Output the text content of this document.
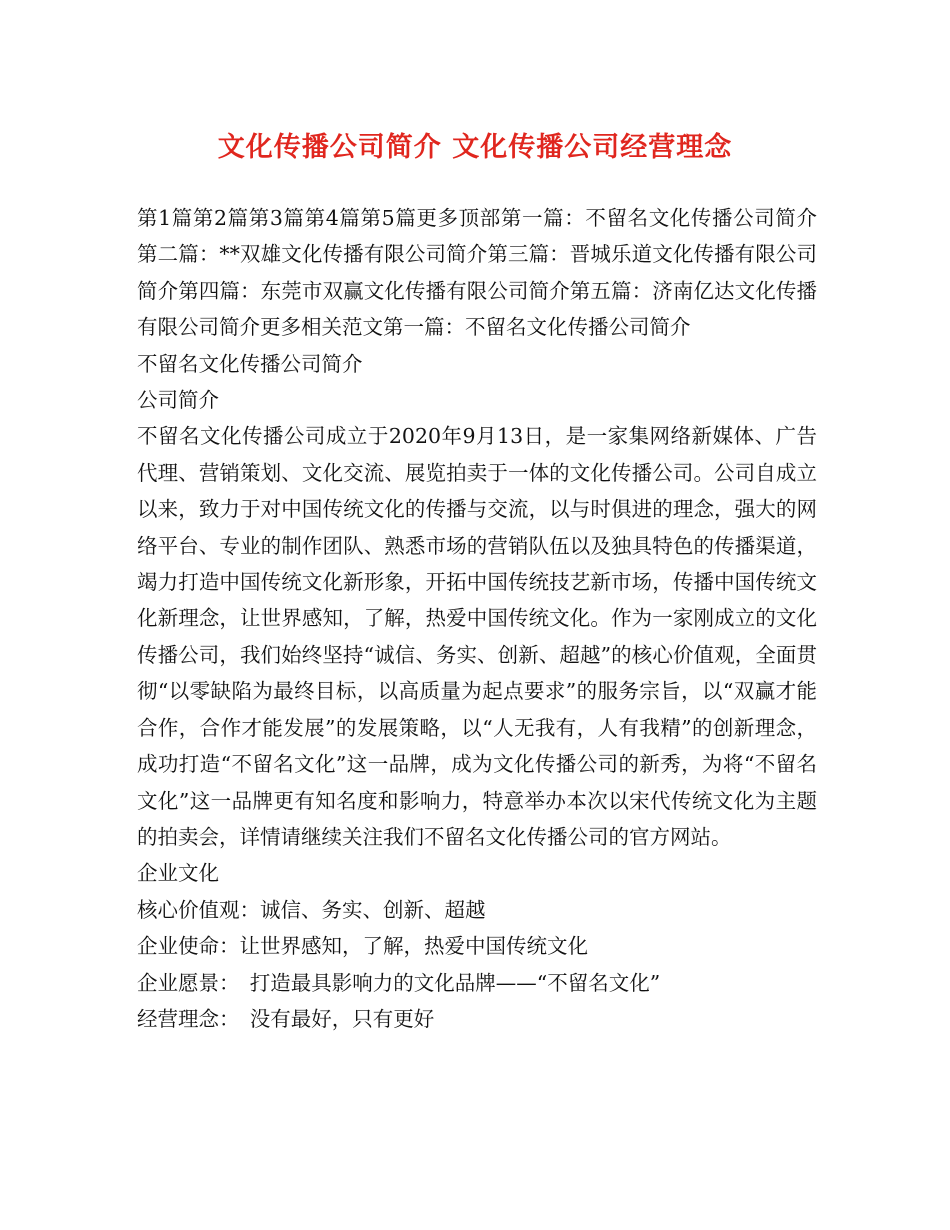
文化传播公司简介 文化传播公司经营理念

第1篇第2篇第3篇第4篇第5篇更多顶部第一篇：不留名文化传播公司简介第二篇：**双雄文化传播有限公司简介第三篇：晋城乐道文化传播有限公司简介第四篇：东莞市双赢文化传播有限公司简介第五篇：济南亿达文化传播有限公司简介更多相关范文第一篇：不留名文化传播公司简介

不留名文化传播公司简介

公司简介

不留名文化传播公司成立于2020年9月13日，是一家集网络新媒体、广告代理、营销策划、文化交流、展览拍卖于一体的文化传播公司。公司自成立以来，致力于对中国传统文化的传播与交流，以与时俱进的理念，强大的网络平台、专业的制作团队、熟悉市场的营销队伍以及独具特色的传播渠道，竭力打造中国传统文化新形象，开拓中国传统技艺新市场，传播中国传统文化新理念，让世界感知，了解，热爱中国传统文化。作为一家刚成立的文化传播公司，我们始终坚持“诚信、务实、创新、超越”的核心价值观，全面贯彻“以零缺陷为最终目标，以高质量为起点要求”的服务宗旨，以“双赢才能合作，合作才能发展”的发展策略，以“人无我有，人有我精”的创新理念，成功打造“不留名文化”这一品牌，成为文化传播公司的新秀，为将“不留名文化”这一品牌更有知名度和影响力，特意举办本次以宋代传统文化为主题的拍卖会，详情请继续关注我们不留名文化传播公司的官方网站。

企业文化

核心价值观：诚信、务实、创新、超越

企业使命：让世界感知，了解，热爱中国传统文化

企业愿景：　打造最具影响力的文化品牌——“不留名文化”

经营理念：　没有最好，只有更好
